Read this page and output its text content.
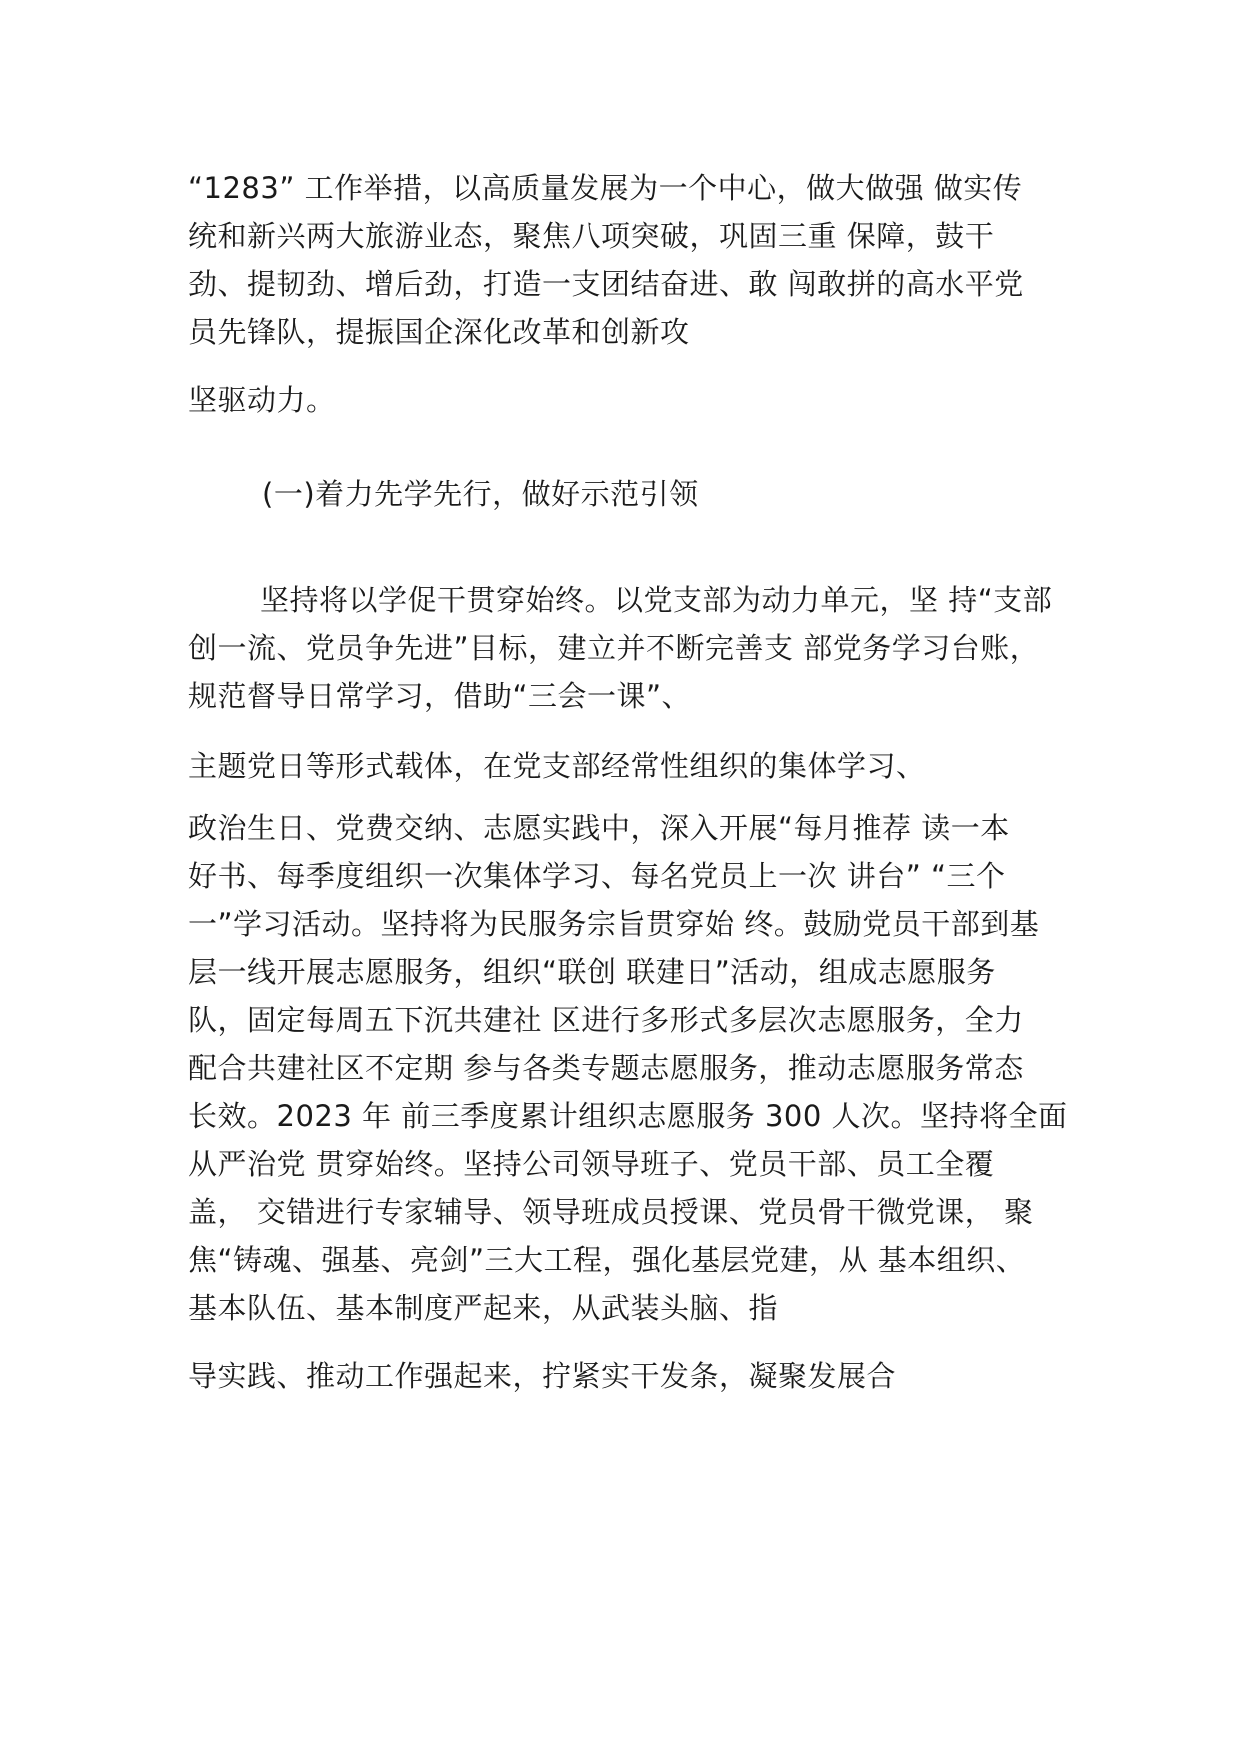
“1283” 工作举措，以高质量发展为一个中心，做大做强 做实传
统和新兴两大旅游业态，聚焦八项突破，巩固三重 保障，鼓干
劲、提韧劲、增后劲，打造一支团结奋进、敢 闯敢拼的高水平党
员先锋队，提振国企深化改革和创新攻
坚驱动力。
(一)着力先学先行，做好示范引领
坚持将以学促干贯穿始终。以党支部为动力单元，坚 持“支部
创一流、党员争先进”目标，建立并不断完善支 部党务学习台账，
规范督导日常学习，借助“三会一课”、
主题党日等形式载体，在党支部经常性组织的集体学习、
政治生日、党费交纳、志愿实践中，深入开展“每月推荐 读一本
好书、每季度组织一次集体学习、每名党员上一次 讲台” “三个
一”学习活动。坚持将为民服务宗旨贯穿始 终。鼓励党员干部到基
层一线开展志愿服务，组织“联创 联建日”活动，组成志愿服务
队，固定每周五下沉共建社 区进行多形式多层次志愿服务，全力
配合共建社区不定期 参与各类专题志愿服务，推动志愿服务常态
长效。2023 年 前三季度累计组织志愿服务 300 人次。坚持将全面
从严治党 贯穿始终。坚持公司领导班子、党员干部、员工全覆
盖， 交错进行专家辅导、领导班成员授课、党员骨干微党课， 聚
焦“铸魂、强基、亮剑”三大工程，强化基层党建，从 基本组织、
基本队伍、基本制度严起来，从武装头脑、指
导实践、推动工作强起来，拧紧实干发条，凝聚发展合
